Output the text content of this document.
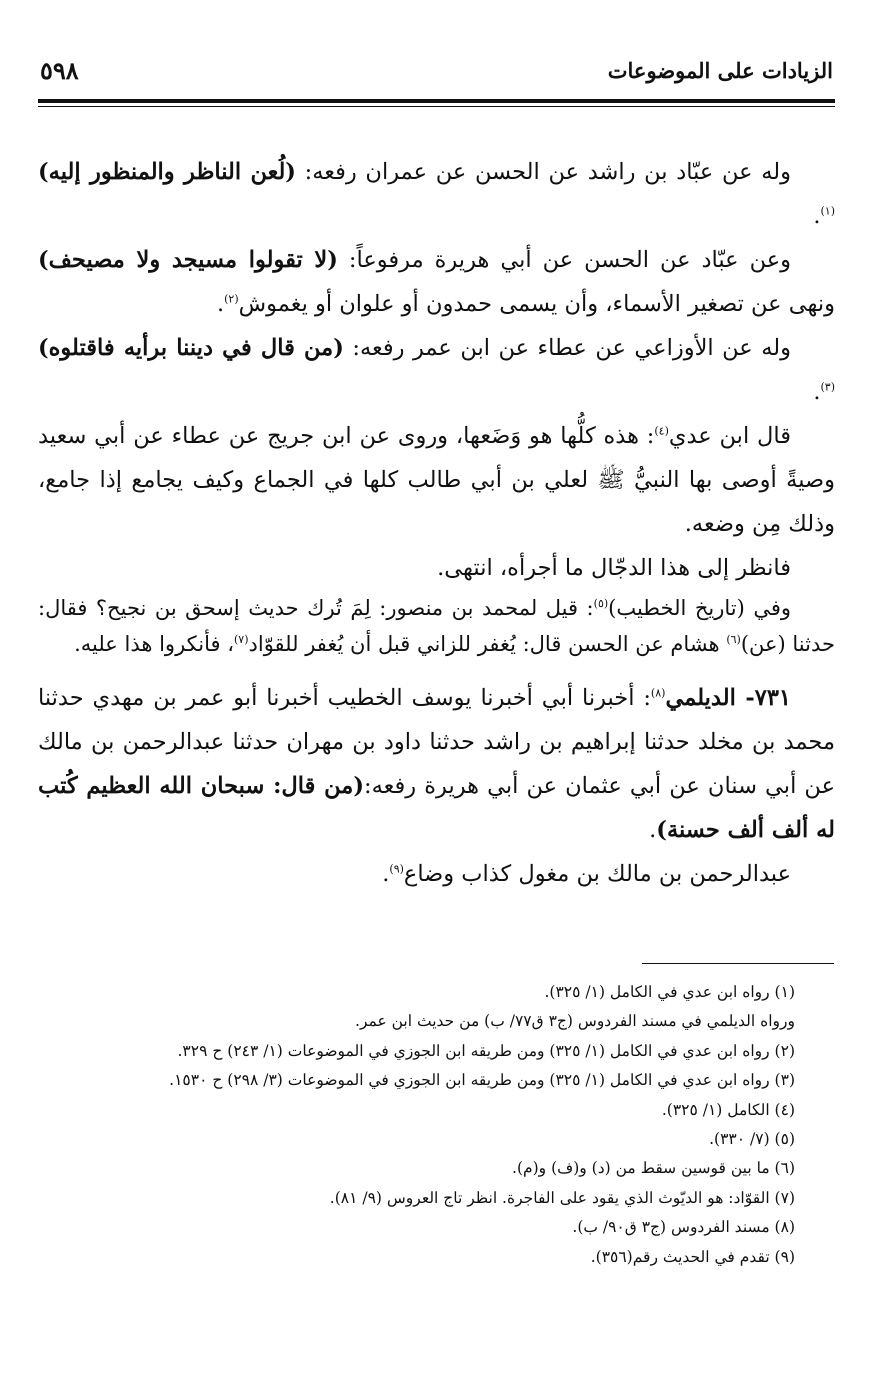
الزيادات على الموضوعات
٥٩٨

وله عن عبّاد بن راشد عن الحسن عن عمران رفعه: (لُعن الناظر والمنظور إليه)$^{(١)}$.

وعن عبّاد عن الحسن عن أبي هريرة مرفوعاً: (لا تقولوا مسيجد ولا مصيحف) ونهى عن تصغير الأسماء، وأن يسمى حمدون أو علوان أو يغموش$^{(٢)}$.

وله عن الأوزاعي عن عطاء عن ابن عمر رفعه: (من قال في ديننا برأيه فاقتلوه)$^{(٣)}$.

قال ابن عدي$^{(٤)}$: هذه كلُّها هو وَضَعها، وروى عن ابن جريج عن عطاء عن أبي سعيد وصيةً أوصى بها النبيُّ ﷺ لعلي بن أبي طالب كلها في الجماع وكيف يجامع إذا جامع، وذلك مِن وضعه.

فانظر إلى هذا الدجّال ما أجرأه، انتهى.

وفي (تاريخ الخطيب)$^{(٥)}$: قيل لمحمد بن منصور: لِمَ تُرك حديث إسحق بن نجيح؟ فقال: حدثنا (عن)$^{(٦)}$ هشام عن الحسن قال: يُغفر للزاني قبل أن يُغفر للقوّاد$^{(٧)}$، فأنكروا هذا عليه.

٧٣١- الديلمي$^{(٨)}$: أخبرنا أبي أخبرنا يوسف الخطيب أخبرنا أبو عمر بن مهدي حدثنا محمد بن مخلد حدثنا إبراهيم بن راشد حدثنا داود بن مهران حدثنا عبدالرحمن بن مالك عن أبي سنان عن أبي عثمان عن أبي هريرة رفعه:(من قال: سبحان الله العظيم كُتب له ألف ألف حسنة).

عبدالرحمن بن مالك بن مغول كذاب وضاع$^{(٩)}$.

(١) رواه ابن عدي في الكامل (١/ ٣٢٥).

ورواه الديلمي في مسند الفردوس (ج٣ ق٧٧/ ب) من حديث ابن عمر.

(٢) رواه ابن عدي في الكامل (١/ ٣٢٥) ومن طريقه ابن الجوزي في الموضوعات (١/ ٢٤٣) ح ٣٢٩.

(٣) رواه ابن عدي في الكامل (١/ ٣٢٥) ومن طريقه ابن الجوزي في الموضوعات (٣/ ٢٩٨) ح ١٥٣٠.

(٤) الكامل (١/ ٣٢٥).

(٥) (٧/ ٣٣٠).

(٦) ما بين قوسين سقط من (د) و(ف) و(م).

(٧) القوّاد: هو الديّوث الذي يقود على الفاجرة. انظر تاج العروس (٩/ ٨١).

(٨) مسند الفردوس (ج٣ ق٩٠/ ب).

(٩) تقدم في الحديث رقم(٣٥٦).
